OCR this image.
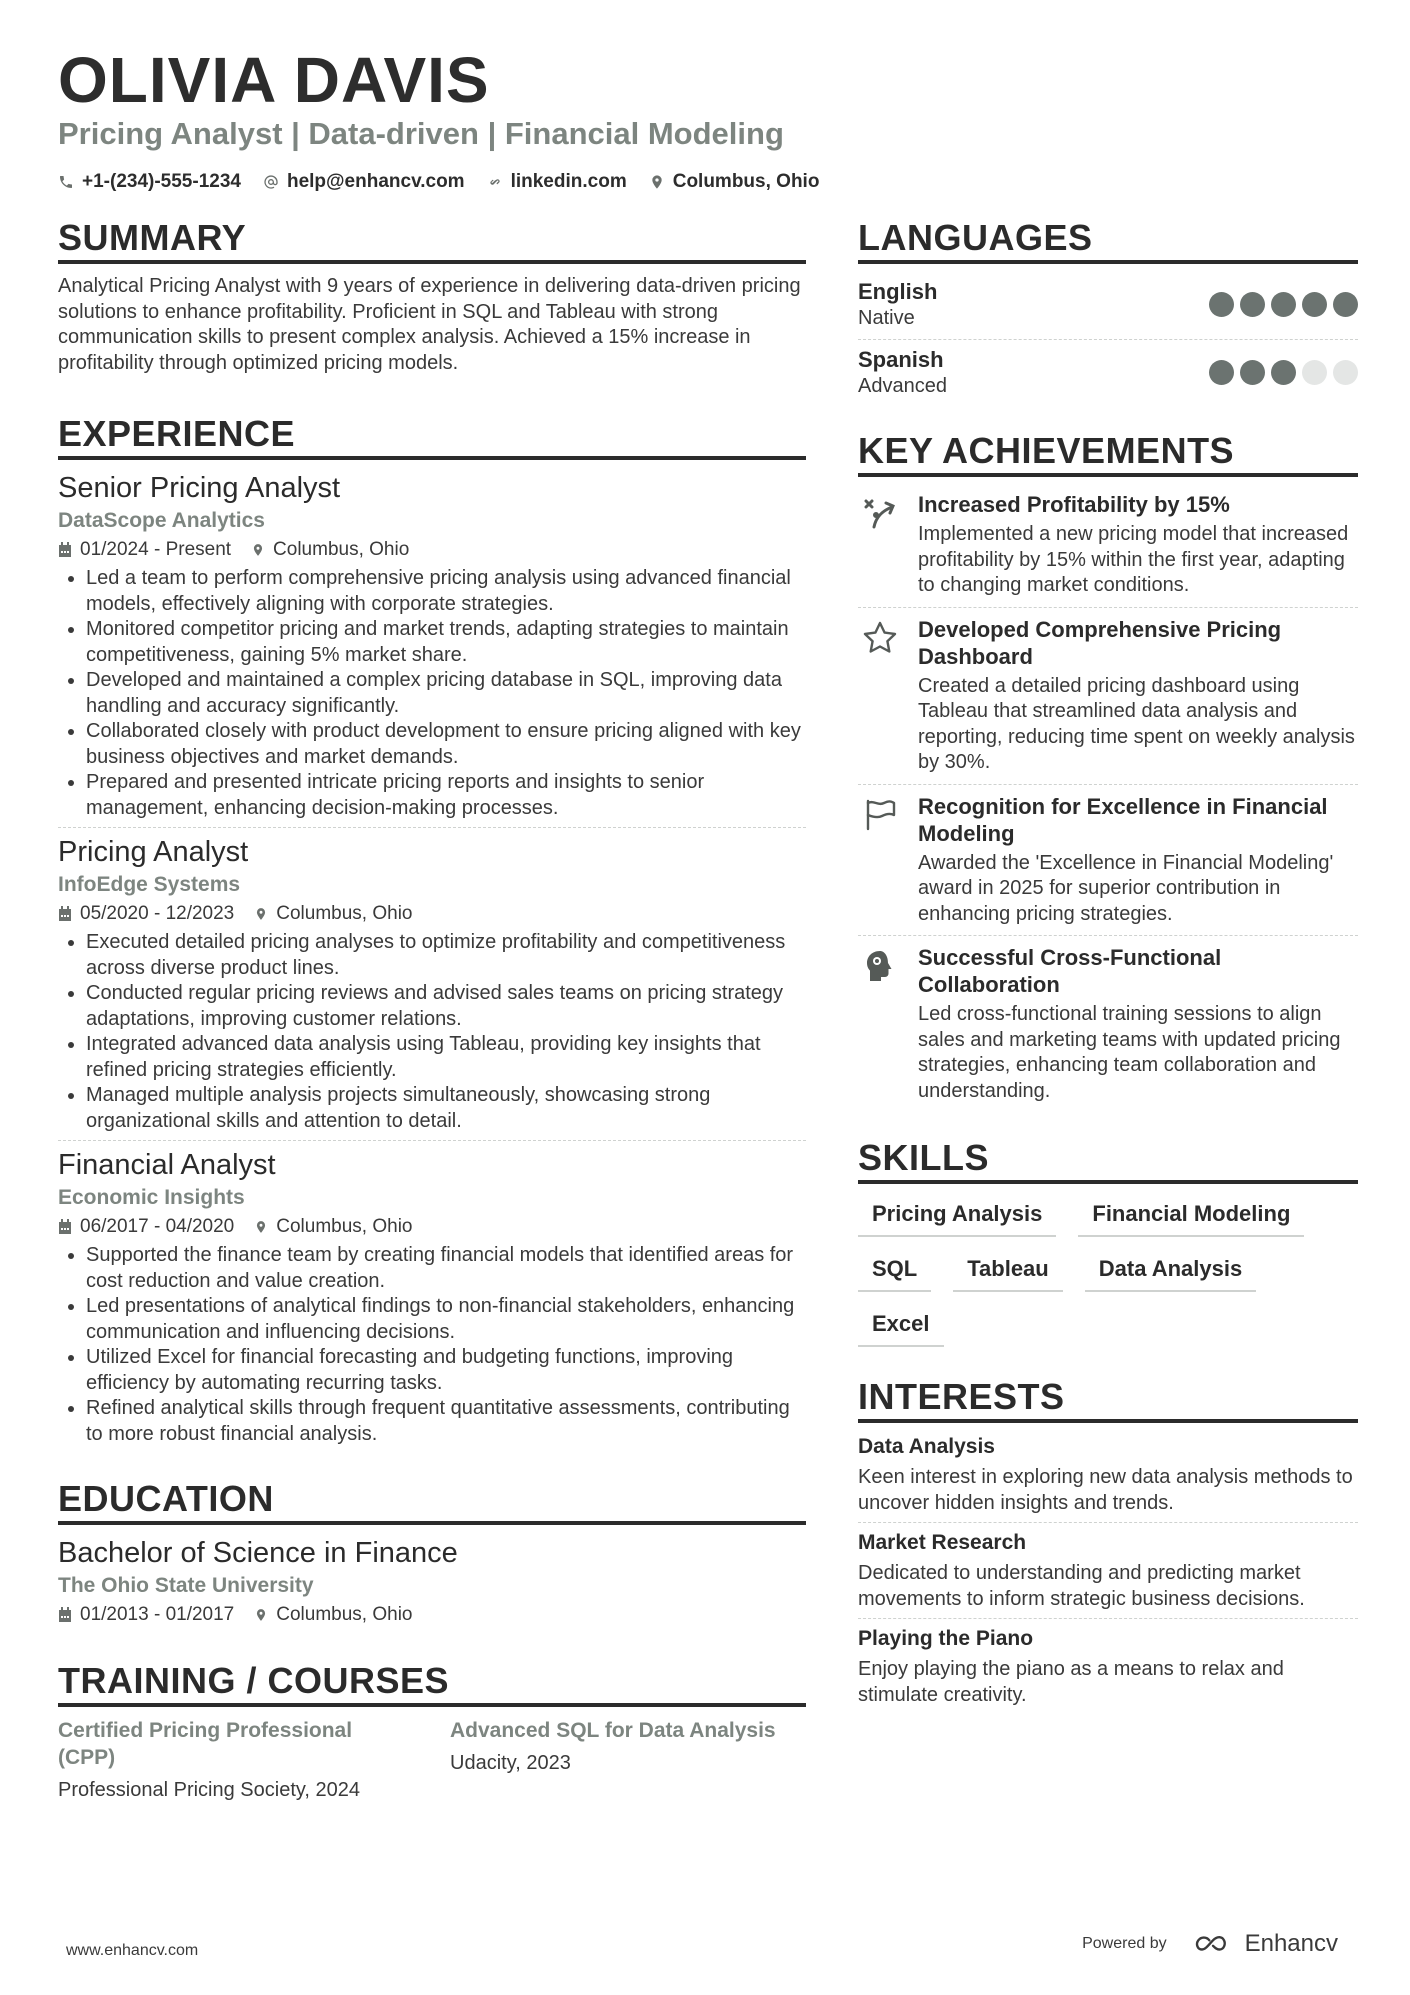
OLIVIA DAVIS
Pricing Analyst | Data-driven | Financial Modeling
+1-(234)-555-1234 help@enhancv.com linkedin.com Columbus, Ohio
SUMMARY
Analytical Pricing Analyst with 9 years of experience in delivering data-driven pricing solutions to enhance profitability. Proficient in SQL and Tableau with strong communication skills to present complex analysis. Achieved a 15% increase in profitability through optimized pricing models.
EXPERIENCE
Senior Pricing Analyst
DataScope Analytics
01/2024 - Present Columbus, Ohio
• Led a team to perform comprehensive pricing analysis using advanced financial models, effectively aligning with corporate strategies.
• Monitored competitor pricing and market trends, adapting strategies to maintain competitiveness, gaining 5% market share.
• Developed and maintained a complex pricing database in SQL, improving data handling and accuracy significantly.
• Collaborated closely with product development to ensure pricing aligned with key business objectives and market demands.
• Prepared and presented intricate pricing reports and insights to senior management, enhancing decision-making processes.
Pricing Analyst
InfoEdge Systems
05/2020 - 12/2023 Columbus, Ohio
• Executed detailed pricing analyses to optimize profitability and competitiveness across diverse product lines.
• Conducted regular pricing reviews and advised sales teams on pricing strategy adaptations, improving customer relations.
• Integrated advanced data analysis using Tableau, providing key insights that refined pricing strategies efficiently.
• Managed multiple analysis projects simultaneously, showcasing strong organizational skills and attention to detail.
Financial Analyst
Economic Insights
06/2017 - 04/2020 Columbus, Ohio
• Supported the finance team by creating financial models that identified areas for cost reduction and value creation.
• Led presentations of analytical findings to non-financial stakeholders, enhancing communication and influencing decisions.
• Utilized Excel for financial forecasting and budgeting functions, improving efficiency by automating recurring tasks.
• Refined analytical skills through frequent quantitative assessments, contributing to more robust financial analysis.
EDUCATION
Bachelor of Science in Finance
The Ohio State University
01/2013 - 01/2017 Columbus, Ohio
TRAINING / COURSES
Certified Pricing Professional (CPP)
Professional Pricing Society, 2024
Advanced SQL for Data Analysis
Udacity, 2023
LANGUAGES
English
Native
Spanish
Advanced
KEY ACHIEVEMENTS
Increased Profitability by 15%
Implemented a new pricing model that increased profitability by 15% within the first year, adapting to changing market conditions.
Developed Comprehensive Pricing Dashboard
Created a detailed pricing dashboard using Tableau that streamlined data analysis and reporting, reducing time spent on weekly analysis by 30%.
Recognition for Excellence in Financial Modeling
Awarded the 'Excellence in Financial Modeling' award in 2025 for superior contribution in enhancing pricing strategies.
Successful Cross-Functional Collaboration
Led cross-functional training sessions to align sales and marketing teams with updated pricing strategies, enhancing team collaboration and understanding.
SKILLS
Pricing Analysis	Financial Modeling
SQL	Tableau	Data Analysis
Excel
INTERESTS
Data Analysis
Keen interest in exploring new data analysis methods to uncover hidden insights and trends.
Market Research
Dedicated to understanding and predicting market movements to inform strategic business decisions.
Playing the Piano
Enjoy playing the piano as a means to relax and stimulate creativity.
www.enhancv.com	Powered by	Enhancv
